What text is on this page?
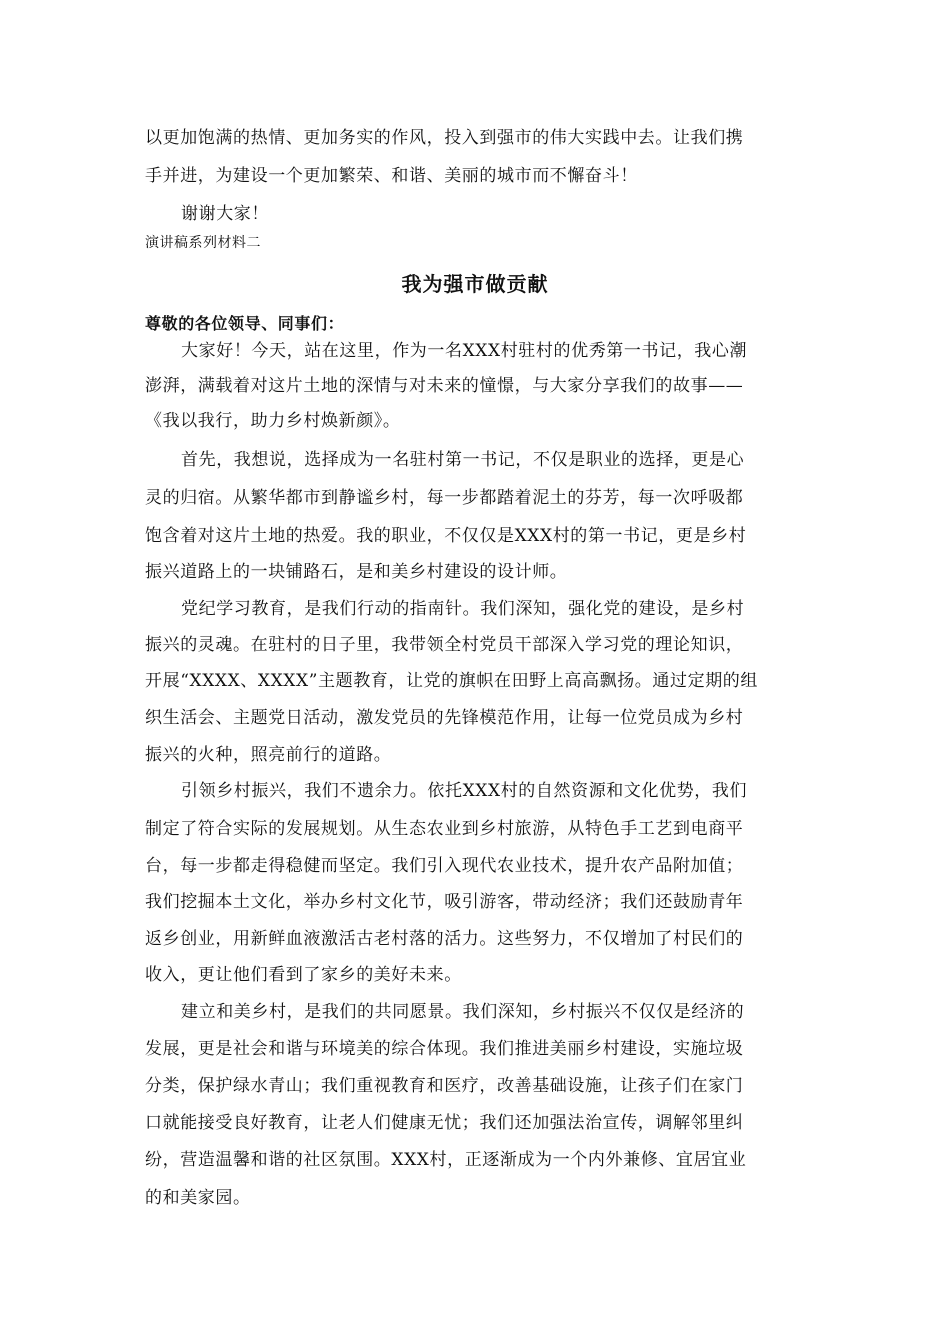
以更加饱满的热情、更加务实的作风，投入到强市的伟大实践中去。让我们携
手并进，为建设一个更加繁荣、和谐、美丽的城市而不懈奋斗！
谢谢大家！
演讲稿系列材料二
我为强市做贡献
尊敬的各位领导、同事们：
大家好！今天，站在这里，作为一名XXX村驻村的优秀第一书记，我心潮
澎湃，满载着对这片土地的深情与对未来的憧憬，与大家分享我们的故事——
《我以我行，助力乡村焕新颜》。
首先，我想说，选择成为一名驻村第一书记，不仅是职业的选择，更是心
灵的归宿。从繁华都市到静谧乡村，每一步都踏着泥土的芬芳，每一次呼吸都
饱含着对这片土地的热爱。我的职业，不仅仅是XXX村的第一书记，更是乡村
振兴道路上的一块铺路石，是和美乡村建设的设计师。
党纪学习教育，是我们行动的指南针。我们深知，强化党的建设，是乡村
振兴的灵魂。在驻村的日子里，我带领全村党员干部深入学习党的理论知识，
开展“XXXX、XXXX”主题教育，让党的旗帜在田野上高高飘扬。通过定期的组
织生活会、主题党日活动，激发党员的先锋模范作用，让每一位党员成为乡村
振兴的火种，照亮前行的道路。
引领乡村振兴，我们不遗余力。依托XXX村的自然资源和文化优势，我们
制定了符合实际的发展规划。从生态农业到乡村旅游，从特色手工艺到电商平
台，每一步都走得稳健而坚定。我们引入现代农业技术，提升农产品附加值；
我们挖掘本土文化，举办乡村文化节，吸引游客，带动经济；我们还鼓励青年
返乡创业，用新鲜血液激活古老村落的活力。这些努力，不仅增加了村民们的
收入，更让他们看到了家乡的美好未来。
建立和美乡村，是我们的共同愿景。我们深知，乡村振兴不仅仅是经济的
发展，更是社会和谐与环境美的综合体现。我们推进美丽乡村建设，实施垃圾
分类，保护绿水青山；我们重视教育和医疗，改善基础设施，让孩子们在家门
口就能接受良好教育，让老人们健康无忧；我们还加强法治宣传，调解邻里纠
纷，营造温馨和谐的社区氛围。XXX村，正逐渐成为一个内外兼修、宜居宜业
的和美家园。
